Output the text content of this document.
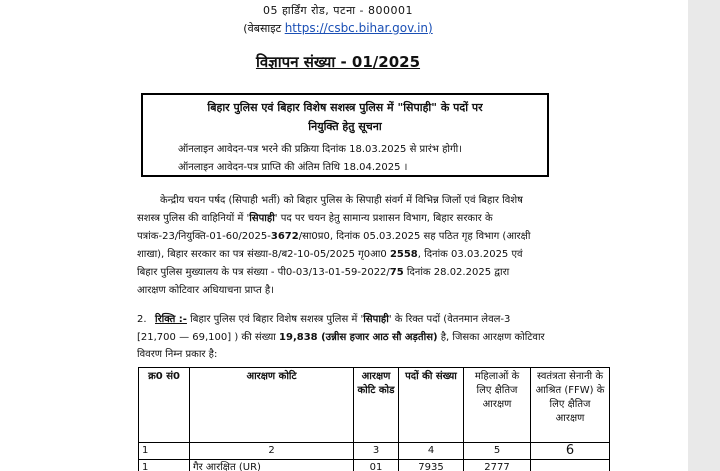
05 हार्डिंग रोड, पटना - 800001
(वेबसाइट https://csbc.bihar.gov.in)
विज्ञापन संख्या - 01/2025
बिहार पुलिस एवं बिहार विशेष सशस्त्र पुलिस में "सिपाही" के पदों पर
नियुक्ति हेतु सूचना
ऑनलाइन आवेदन-पत्र भरने की प्रक्रिया दिनांक 18.03.2025 से प्रारंभ होगी।
ऑनलाइन आवेदन-पत्र प्राप्ति की अंतिम तिथि 18.04.2025 ।
केन्द्रीय चयन पर्षद (सिपाही भर्ती) को बिहार पुलिस के सिपाही संवर्ग में विभिन्न जिलों एवं बिहार विशेष
सशस्त्र पुलिस की वाहिनियों में 'सिपाही' पद पर चयन हेतु सामान्य प्रशासन विभाग, बिहार सरकार के
पत्रांक-23/नियुक्ति-01-60/2025-3672/सा0प्र0, दिनांक 05.03.2025 सह पठित गृह विभाग (आरक्षी
शाखा), बिहार सरकार का पत्र संख्या-8/ब2-10-05/2025 गृ0आ0 2558, दिनांक 03.03.2025 एवं
बिहार पुलिस मुख्यालय के पत्र संख्या - पी0-03/13-01-59-2022/75 दिनांक 28.02.2025 द्वारा
आरक्षण कोटिवार अधियाचना प्राप्त है।
2. रिक्ति :- बिहार पुलिस एवं बिहार विशेष सशस्त्र पुलिस में 'सिपाही' के रिक्त पदों (वेतनमान लेवल-3
[21,700 — 69,100] ) की संख्या 19,838 (उन्नीस हजार आठ सौ अड़तीस) है, जिसका आरक्षण कोटिवार
विवरण निम्न प्रकार है:
क्र0 सं0	आरक्षण कोटि	आरक्षण कोटि कोड	पदों की संख्या	महिलाओं के लिए क्षैतिज आरक्षण	स्वतंत्रता सेनानी के आश्रित (FFW) के लिए क्षैतिज आरक्षण
1	2	3	4	5	6
1	गैर आरक्षित (UR)	01	7935	2777	
